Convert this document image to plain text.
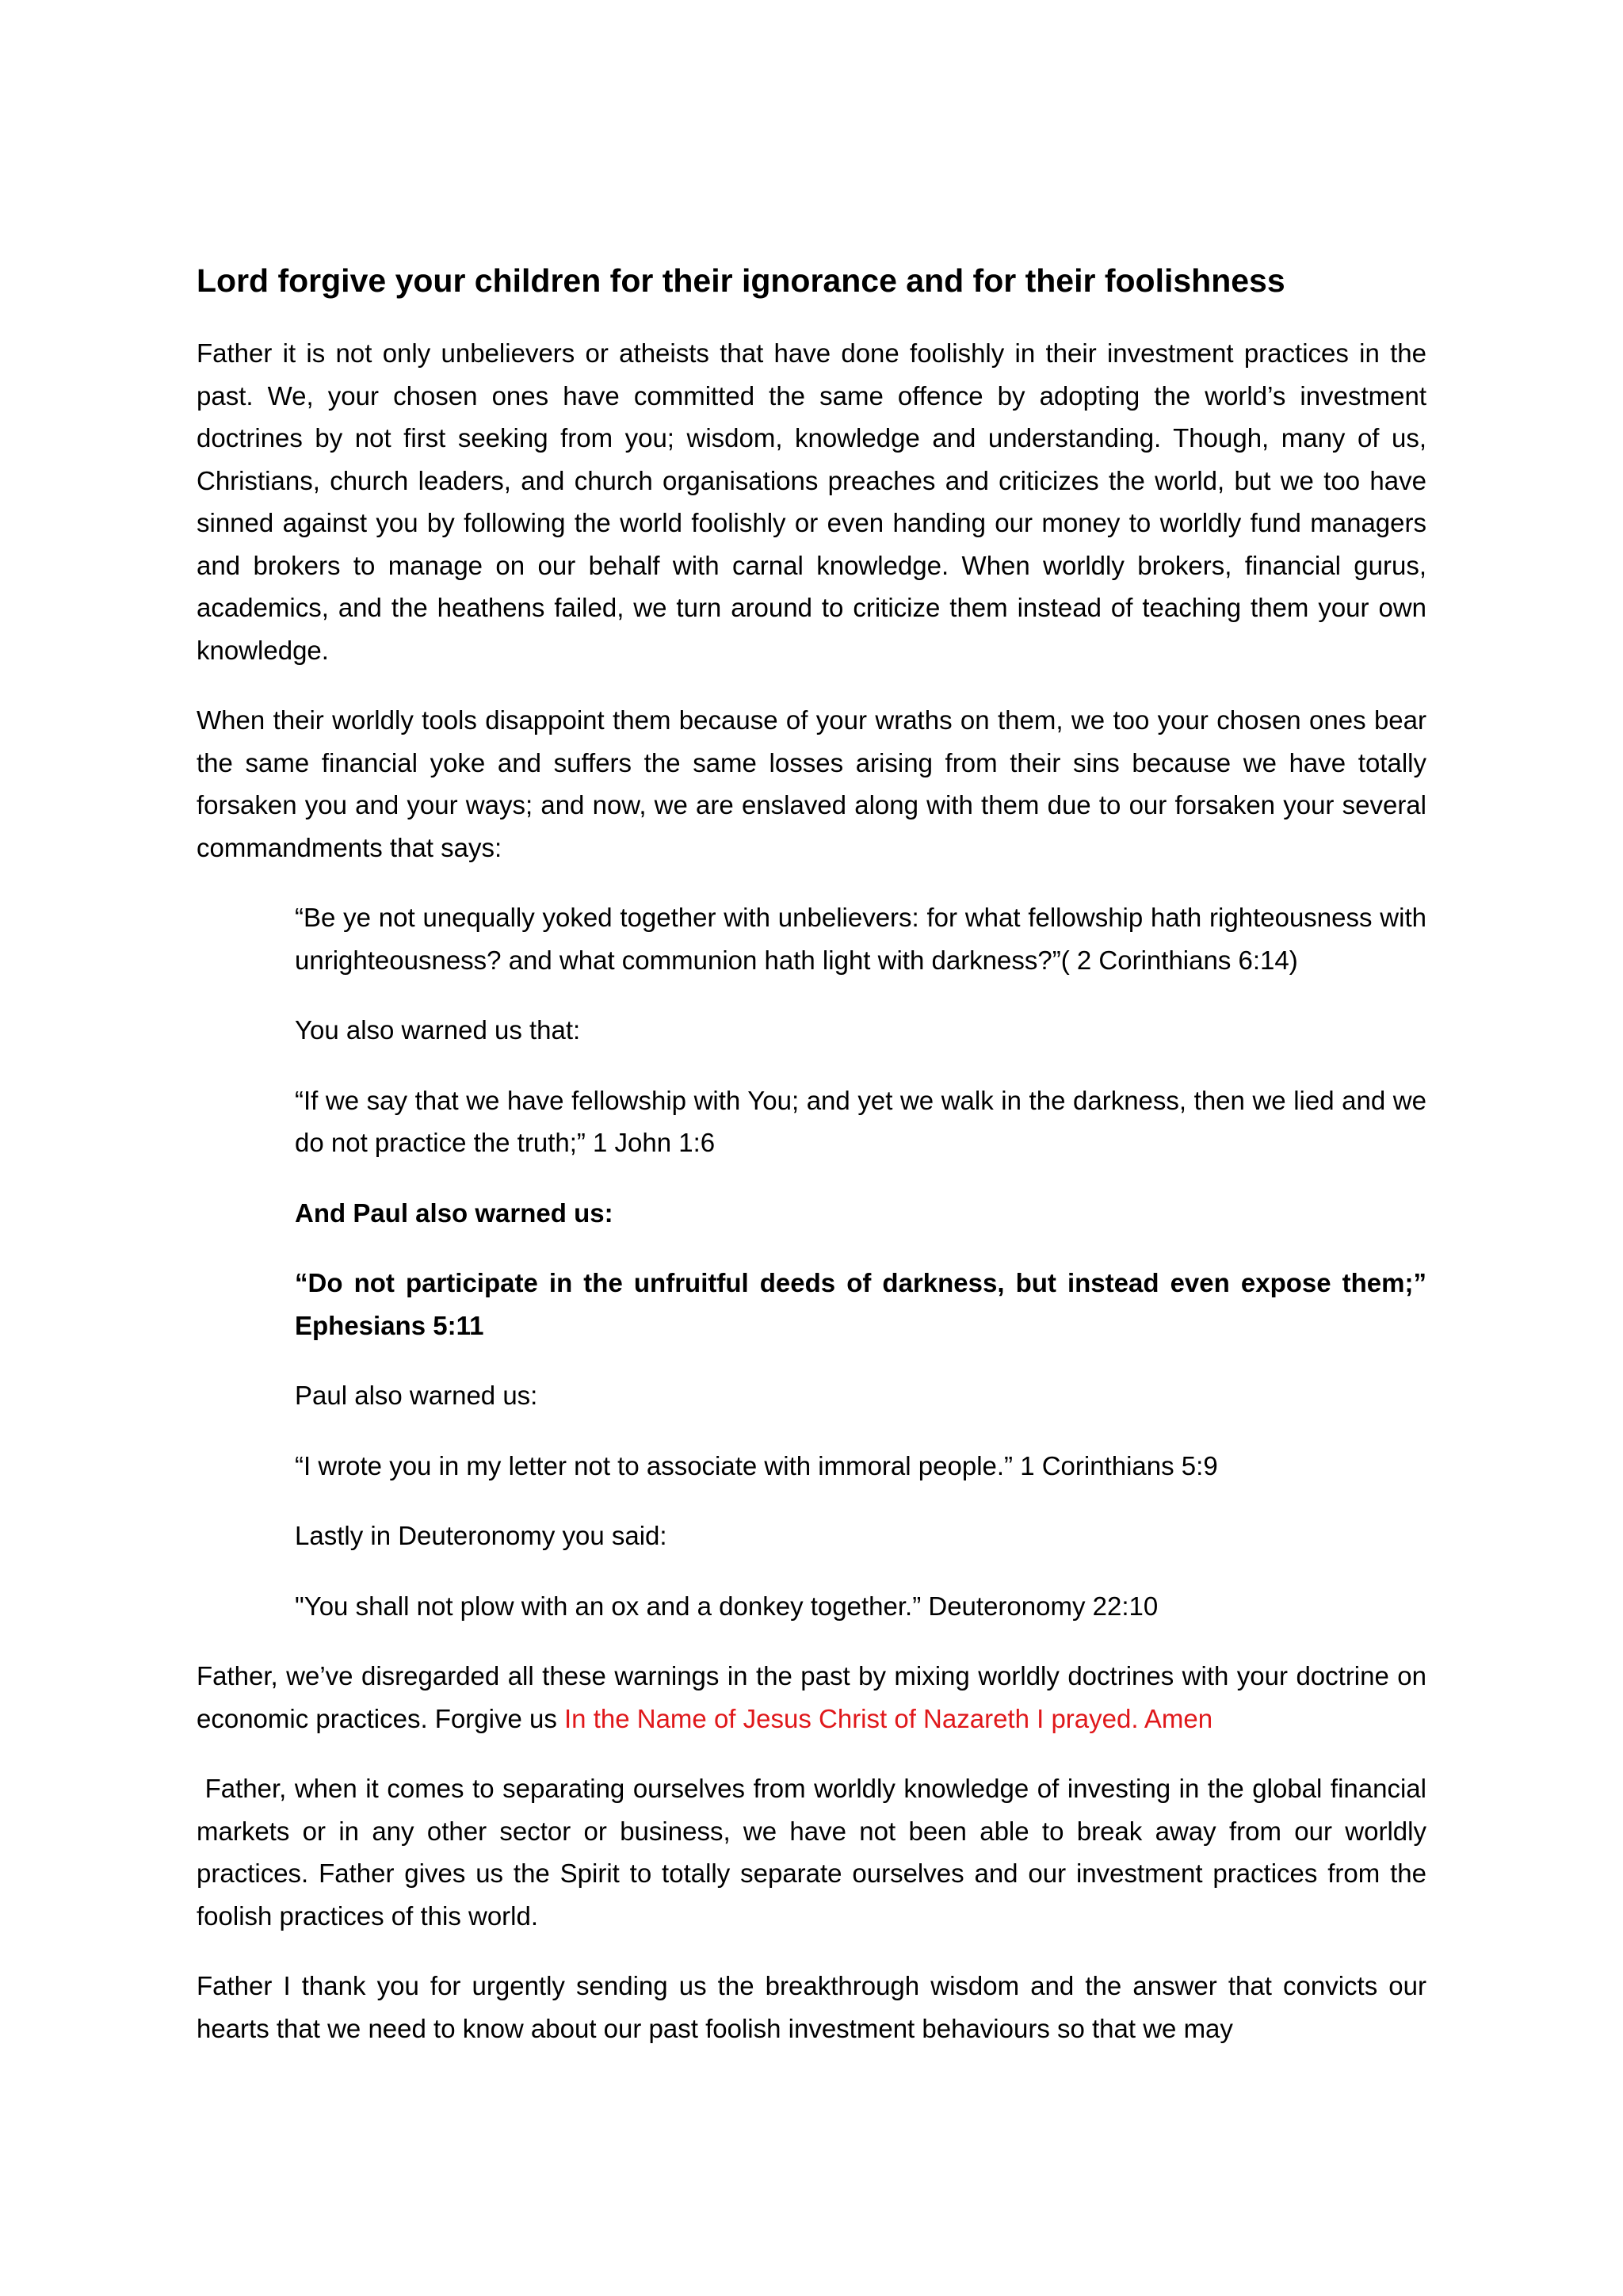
Lord forgive your children for their ignorance and for their foolishness

Father it is not only unbelievers or atheists that have done foolishly in their investment practices in the past. We, your chosen ones have committed the same offence by adopting the world’s investment doctrines by not first seeking from you; wisdom, knowledge and understanding. Though, many of us, Christians, church leaders, and church organisations preaches and criticizes the world, but we too have sinned against you by following the world foolishly or even handing our money to worldly fund managers and brokers to manage on our behalf with carnal knowledge. When worldly brokers, financial gurus, academics, and the heathens failed, we turn around to criticize them instead of teaching them your own knowledge.

When their worldly tools disappoint them because of your wraths on them, we too your chosen ones bear the same financial yoke and suffers the same losses arising from their sins because we have totally forsaken you and your ways; and now, we are enslaved along with them due to our forsaken your several commandments that says:

“Be ye not unequally yoked together with unbelievers: for what fellowship hath righteousness with unrighteousness? and what communion hath light with darkness?”( 2 Corinthians 6:14)

You also warned us that:

“If we say that we have fellowship with You; and yet we walk in the darkness, then we lied and we do not practice the truth;” 1 John 1:6

And Paul also warned us:

“Do not participate in the unfruitful deeds of darkness, but instead even expose them;” Ephesians 5:11

Paul also warned us:

“I wrote you in my letter not to associate with immoral people.” 1 Corinthians 5:9

Lastly in Deuteronomy you said:

"You shall not plow with an ox and a donkey together.” Deuteronomy 22:10

Father, we’ve disregarded all these warnings in the past by mixing worldly doctrines with your doctrine on economic practices. Forgive us In the Name of Jesus Christ of Nazareth I prayed. Amen

Father, when it comes to separating ourselves from worldly knowledge of investing in the global financial markets or in any other sector or business, we have not been able to break away from our worldly practices. Father gives us the Spirit to totally separate ourselves and our investment practices from the foolish practices of this world.

Father I thank you for urgently sending us the breakthrough wisdom and the answer that convicts our hearts that we need to know about our past foolish investment behaviours so that we may
